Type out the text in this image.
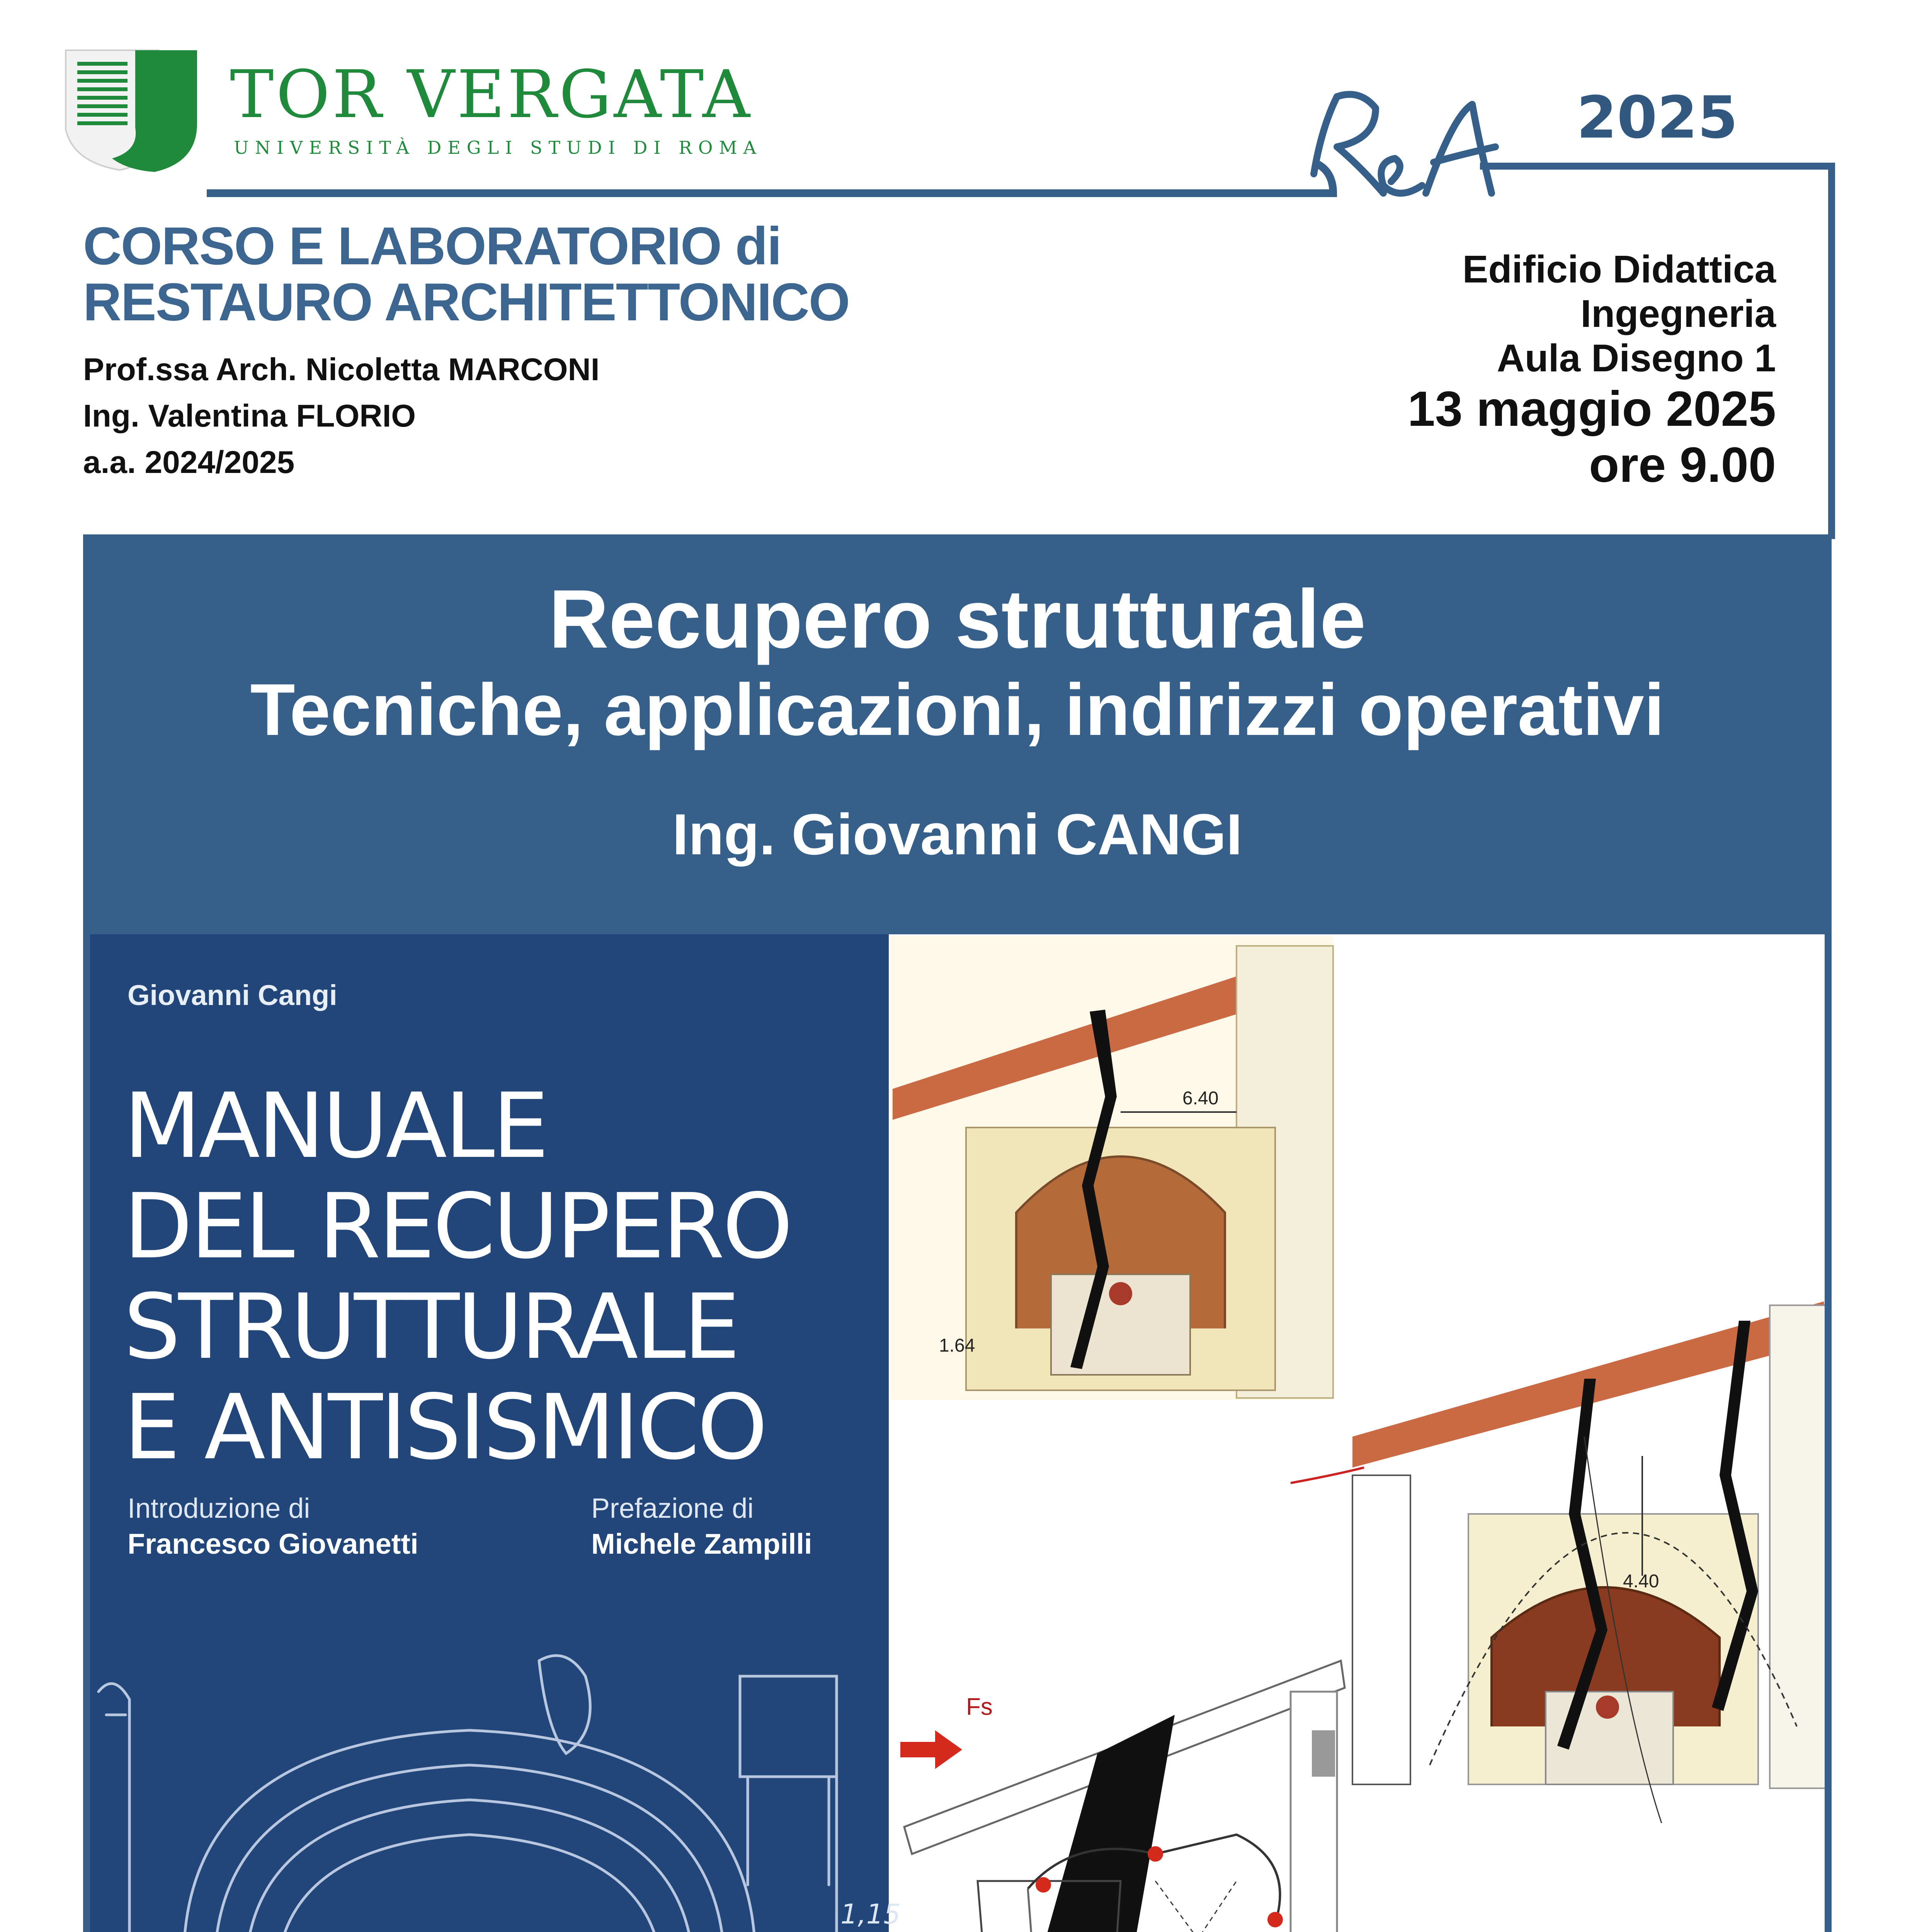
TOR VERGATA
UNIVERSITÀ DEGLI STUDI DI ROMA	2025
CORSO E LABORATORIO di
RESTAURO ARCHITETTONICO
Prof.ssa Arch. Nicoletta MARCONI
Ing. Valentina FLORIO
a.a. 2024/2025
Edificio Didattica
Ingegneria
Aula Disegno 1
13 maggio 2025
ore 9.00
Recupero strutturale
Tecniche, applicazioni, indirizzi operativi
Ing. Giovanni CANGI
Giovanni Cangi
MANUALE
DEL RECUPERO
STRUTTURALE
E ANTISISMICO
Introduzione di
Francesco Giovanetti
Prefazione di
Michele Zampilli
1,15
6.40
1.64
4.40
Fs
